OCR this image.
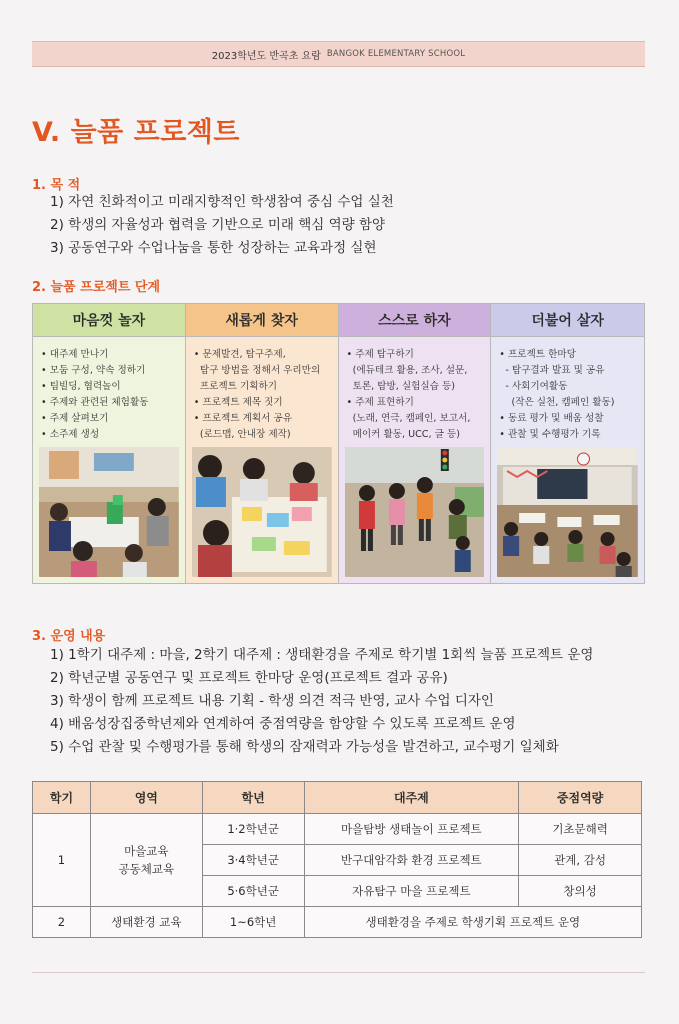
2023학년도 반곡초 요람 BANGOK ELEMENTARY SCHOOL
V. 늘품 프로젝트
1. 목 적
1) 자연 친화적이고 미래지향적인 학생참여 중심 수업 실천
2) 학생의 자율성과 협력을 기반으로 미래 핵심 역량 함양
3) 공동연구와 수업나눔을 통한 성장하는 교육과정 실현
2. 늘품 프로젝트 단계
마음껏 놀자
• 대주제 만나기
• 모둠 구성, 약속 정하기
• 팀빌딩, 협력놀이
• 주제와 관련된 체험활동
• 주제 살펴보기
• 소주제 생성
새롭게 찾자
• 문제발견, 탐구주제,
탐구 방법을 정해서 우리만의
프로젝트 기획하기
• 프로젝트 제목 짓기
• 프로젝트 계획서 공유
(로드맵, 안내장 제작)
스스로 하자
• 주제 탐구하기
(에듀테크 활용, 조사, 설문,
토론, 탐방, 실험실습 등)
• 주제 표현하기
(노래, 연극, 캠페인, 보고서,
메이커 활동, UCC, 글 등)
더불어 살자
• 프로젝트 한마당
- 탐구결과 발표 및 공유
- 사회기여활동
(작은 실천, 캠페인 활동)
• 동료 평가 및 배움 성찰
• 관찰 및 수행평가 기록
3. 운영 내용
1) 1학기 대주제 : 마을, 2학기 대주제 : 생태환경을 주제로 학기별 1회씩 늘품 프로젝트 운영
2) 학년군별 공동연구 및 프로젝트 한마당 운영(프로젝트 결과 공유)
3) 학생이 함께 프로젝트 내용 기획 - 학생 의견 적극 반영, 교사 수업 디자인
4) 배움성장집중학년제와 연계하여 중점역량을 함양할 수 있도록 프로젝트 운영
5) 수업 관찰 및 수행평가를 통해 학생의 잠재력과 가능성을 발견하고, 교수평기 일체화
학기	영역	학년	대주제	중점역량
1	마을교육
공동체교육	1·2학년군	마을탐방 생태놀이 프로젝트	기초문해력
		3·4학년군	반구대암각화 환경 프로젝트	관계, 감성
		5·6학년군	자유탐구 마을 프로젝트	창의성
2	생태환경 교육	1~6학년	생태환경을 주제로 학생기획 프로젝트 운영	
